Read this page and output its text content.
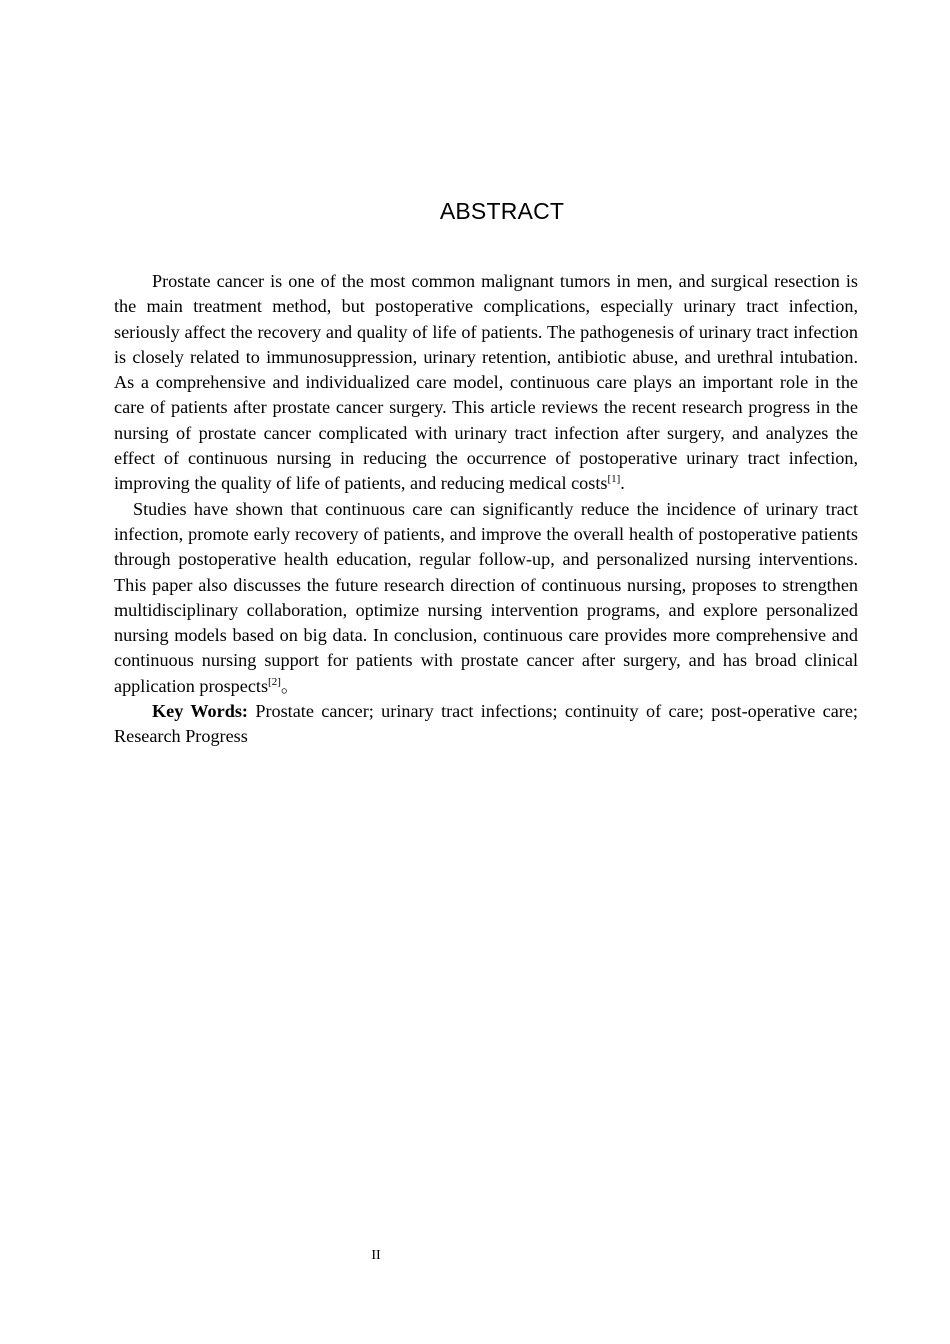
ABSTRACT

Prostate cancer is one of the most common malignant tumors in men, and surgical resection is the main treatment method, but postoperative complications, especially urinary tract infection, seriously affect the recovery and quality of life of patients. The pathogenesis of urinary tract infection is closely related to immunosuppression, urinary retention, antibiotic abuse, and urethral intubation. As a comprehensive and individualized care model, continuous care plays an important role in the care of patients after prostate cancer surgery. This article reviews the recent research progress in the nursing of prostate cancer complicated with urinary tract infection after surgery, and analyzes the effect of continuous nursing in reducing the occurrence of postoperative urinary tract infection, improving the quality of life of patients, and reducing medical costs[1].

Studies have shown that continuous care can significantly reduce the incidence of urinary tract infection, promote early recovery of patients, and improve the overall health of postoperative patients through postoperative health education, regular follow-up, and personalized nursing interventions. This paper also discusses the future research direction of continuous nursing, proposes to strengthen multidisciplinary collaboration, optimize nursing intervention programs, and explore personalized nursing models based on big data. In conclusion, continuous care provides more comprehensive and continuous nursing support for patients with prostate cancer after surgery, and has broad clinical application prospects[2]。

Key Words: Prostate cancer; urinary tract infections; continuity of care; post-operative care; Research Progress

II
